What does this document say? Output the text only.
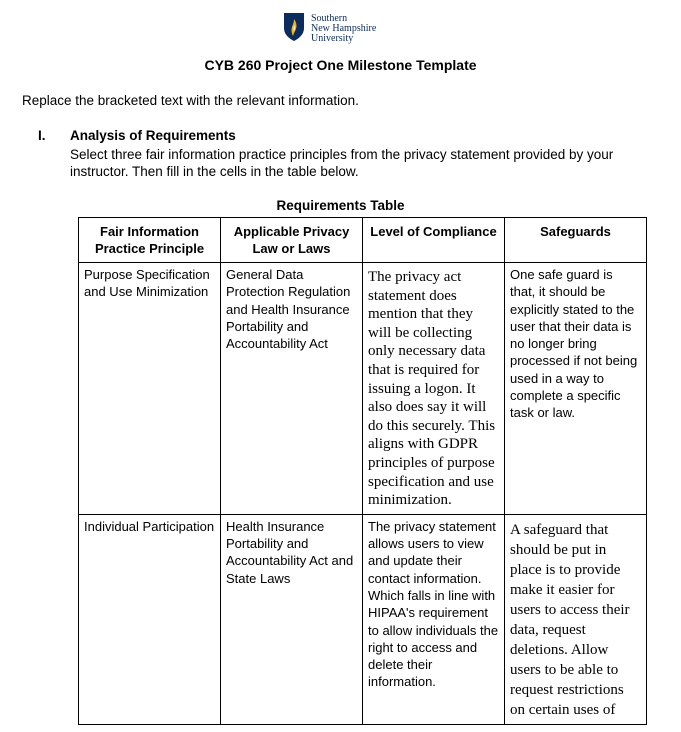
Southern
New Hampshire
University
CYB 260 Project One Milestone Template
Replace the bracketed text with the relevant information.
I. Analysis of Requirements
Select three fair information practice principles from the privacy statement provided by your instructor. Then fill in the cells in the table below.
Requirements Table
Fair Information Practice Principle	Applicable Privacy Law or Laws	Level of Compliance	Safeguards
Purpose Specification and Use Minimization	General Data Protection Regulation and Health Insurance Portability and Accountability Act	The privacy act statement does mention that they will be collecting only necessary data that is required for issuing a logon. It also does say it will do this securely. This aligns with GDPR principles of purpose specification and use minimization.	One safe guard is that, it should be explicitly stated to the user that their data is no longer bring processed if not being used in a way to complete a specific task or law.
Individual Participation	Health Insurance Portability and Accountability Act and State Laws	The privacy statement allows users to view and update their contact information. Which falls in line with HIPAA's requirement to allow individuals the right to access and delete their information.	A safeguard that should be put in place is to provide make it easier for users to access their data, request deletions. Allow users to be able to request restrictions on certain uses of
